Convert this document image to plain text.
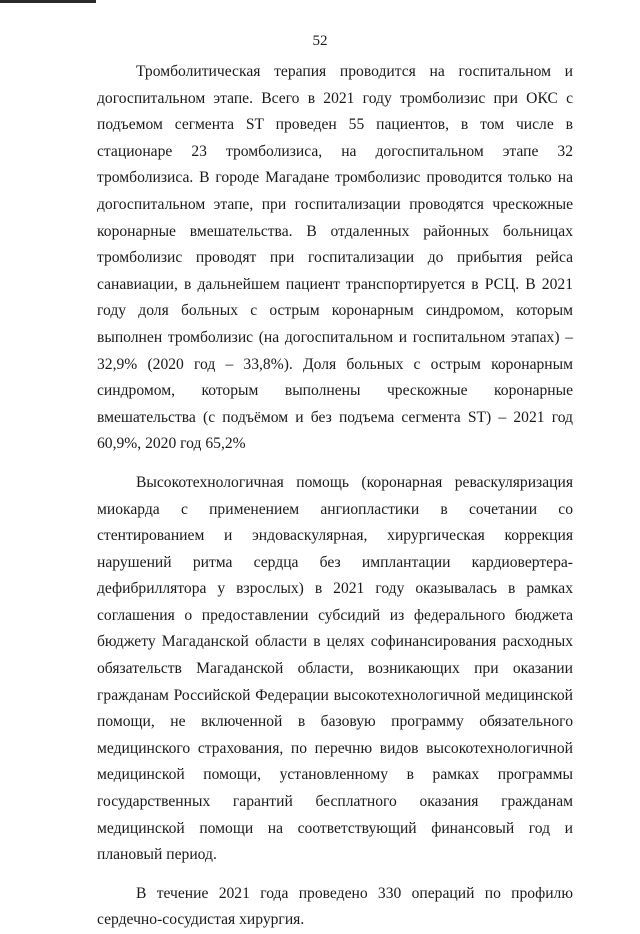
52

Тромболитическая терапия проводится на госпитальном и догоспитальном этапе. Всего в 2021 году тромболизис при ОКС с подъемом сегмента ST проведен 55 пациентов, в том числе в стационаре 23 тромболизиса, на догоспитальном этапе 32 тромболизиса. В городе Магадане тромболизис проводится только на догоспитальном этапе, при госпитализации проводятся чрескожные коронарные вмешательства. В отдаленных районных больницах тромболизис проводят при госпитализации до прибытия рейса санавиации, в дальнейшем пациент транспортируется в РСЦ. В 2021 году доля больных с острым коронарным синдромом, которым выполнен тромболизис (на догоспитальном и госпитальном этапах) – 32,9% (2020 год – 33,8%). Доля больных с острым коронарным синдромом, которым выполнены чрескожные коронарные вмешательства (с подъёмом и без подъема сегмента ST) – 2021 год 60,9%, 2020 год 65,2%

Высокотехнологичная помощь (коронарная реваскуляризация миокарда с применением ангиопластики в сочетании со стентированием и эндоваскулярная, хирургическая коррекция нарушений ритма сердца без имплантации кардиовертера-дефибриллятора у взрослых) в 2021 году оказывалась в рамках соглашения о предоставлении субсидий из федерального бюджета бюджету Магаданской области в целях софинансирования расходных обязательств Магаданской области, возникающих при оказании гражданам Российской Федерации высокотехнологичной медицинской помощи, не включенной в базовую программу обязательного медицинского страхования, по перечню видов высокотехнологичной медицинской помощи, установленному в рамках программы государственных гарантий бесплатного оказания гражданам медицинской помощи на соответствующий финансовый год и плановый период.

В течение 2021 года проведено 330 операций по профилю сердечно-сосудистая хирургия.
